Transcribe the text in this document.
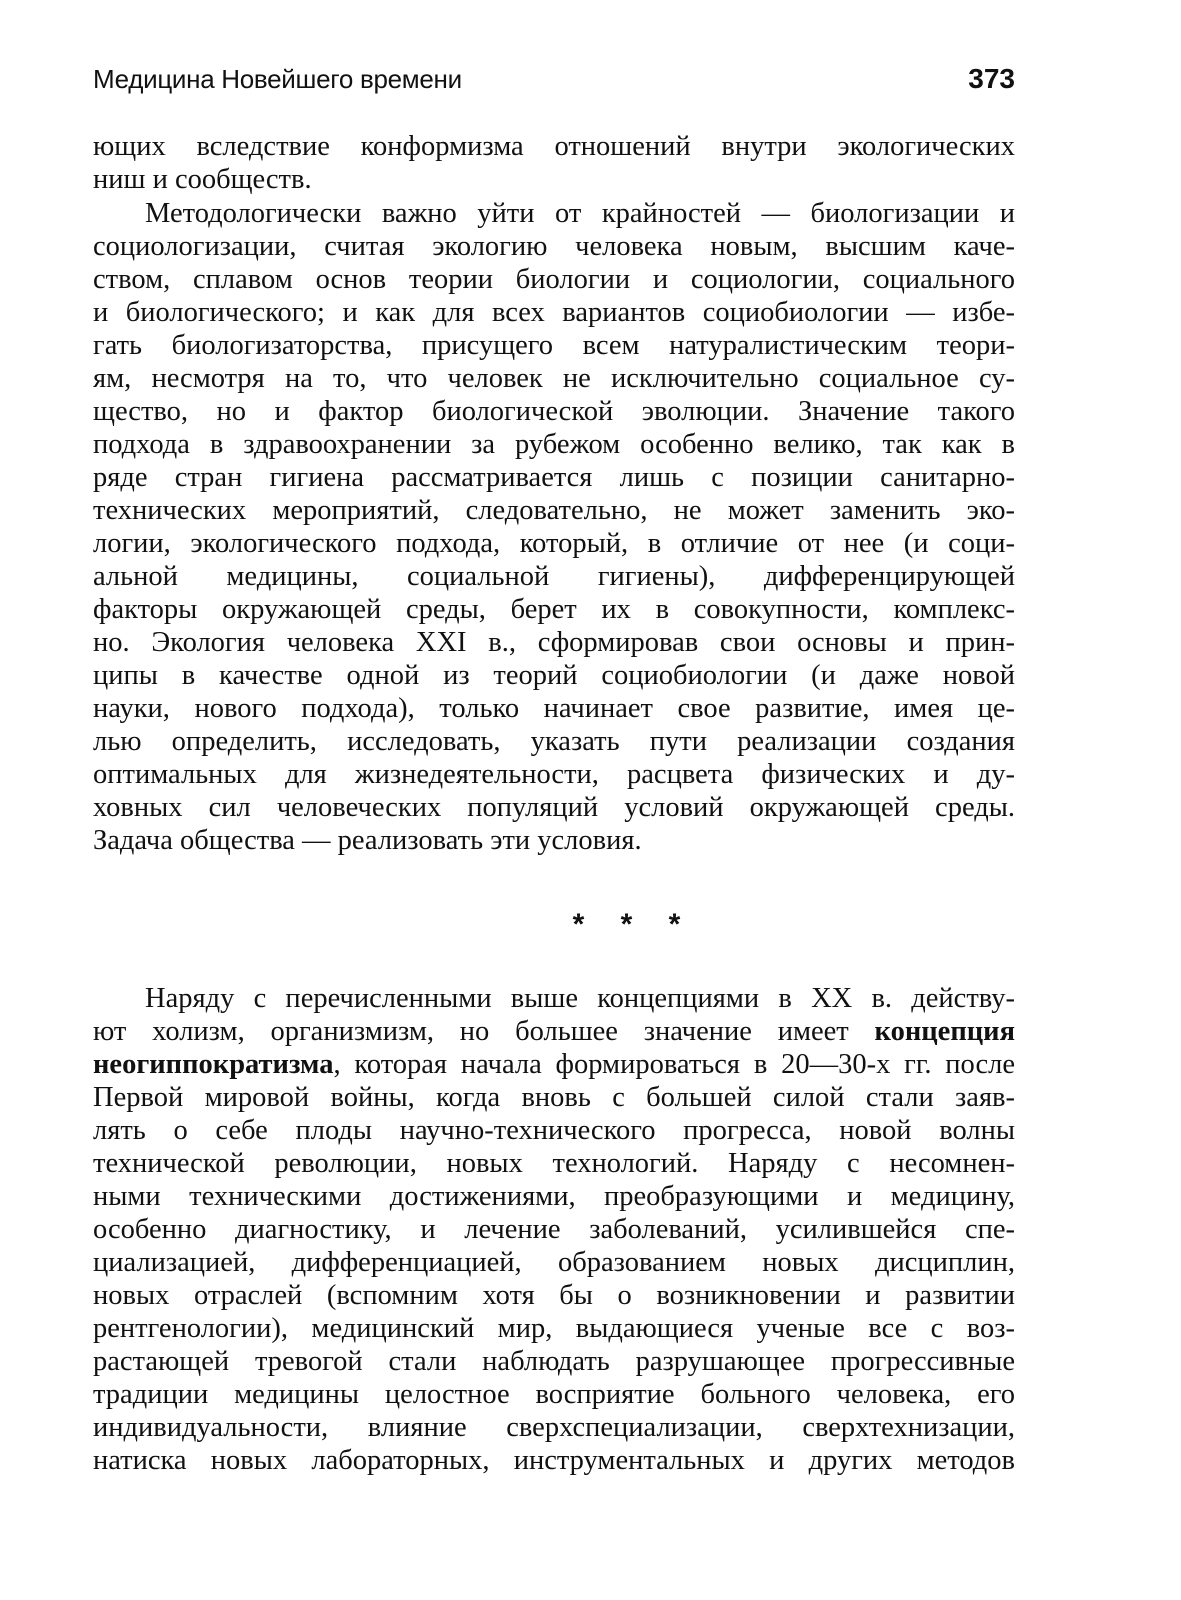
Медицина Новейшего времени	373
ющих вследствие конформизма отношений внутри экологических
ниш и сообществ.
Методологически важно уйти от крайностей — биологизации и
социологизации, считая экологию человека новым, высшим каче-
ством, сплавом основ теории биологии и социологии, социального
и биологического; и как для всех вариантов социобиологии — избе-
гать биологизаторства, присущего всем натуралистическим теори-
ям, несмотря на то, что человек не исключительно социальное су-
щество, но и фактор биологической эволюции. Значение такого
подхода в здравоохранении за рубежом особенно велико, так как в
ряде стран гигиена рассматривается лишь с позиции санитарно-
технических мероприятий, следовательно, не может заменить эко-
логии, экологического подхода, который, в отличие от нее (и соци-
альной медицины, социальной гигиены), дифференцирующей
факторы окружающей среды, берет их в совокупности, комплекс-
но. Экология человека XXI в., сформировав свои основы и прин-
ципы в качестве одной из теорий социобиологии (и даже новой
науки, нового подхода), только начинает свое развитие, имея це-
лью определить, исследовать, указать пути реализации создания
оптимальных для жизнедеятельности, расцвета физических и ду-
ховных сил человеческих популяций условий окружающей среды.
Задача общества — реализовать эти условия.
* * *
Наряду с перечисленными выше концепциями в XX в. действу-
ют холизм, организмизм, но большее значение имеет концепция
неогиппократизма, которая начала формироваться в 20—30-х гг. после
Первой мировой войны, когда вновь с большей силой стали заяв-
лять о себе плоды научно-технического прогресса, новой волны
технической революции, новых технологий. Наряду с несомнен-
ными техническими достижениями, преобразующими и медицину,
особенно диагностику, и лечение заболеваний, усилившейся спе-
циализацией, дифференциацией, образованием новых дисциплин,
новых отраслей (вспомним хотя бы о возникновении и развитии
рентгенологии), медицинский мир, выдающиеся ученые все с воз-
растающей тревогой стали наблюдать разрушающее прогрессивные
традиции медицины целостное восприятие больного человека, его
индивидуальности, влияние сверхспециализации, сверхтехнизации,
натиска новых лабораторных, инструментальных и других методов
